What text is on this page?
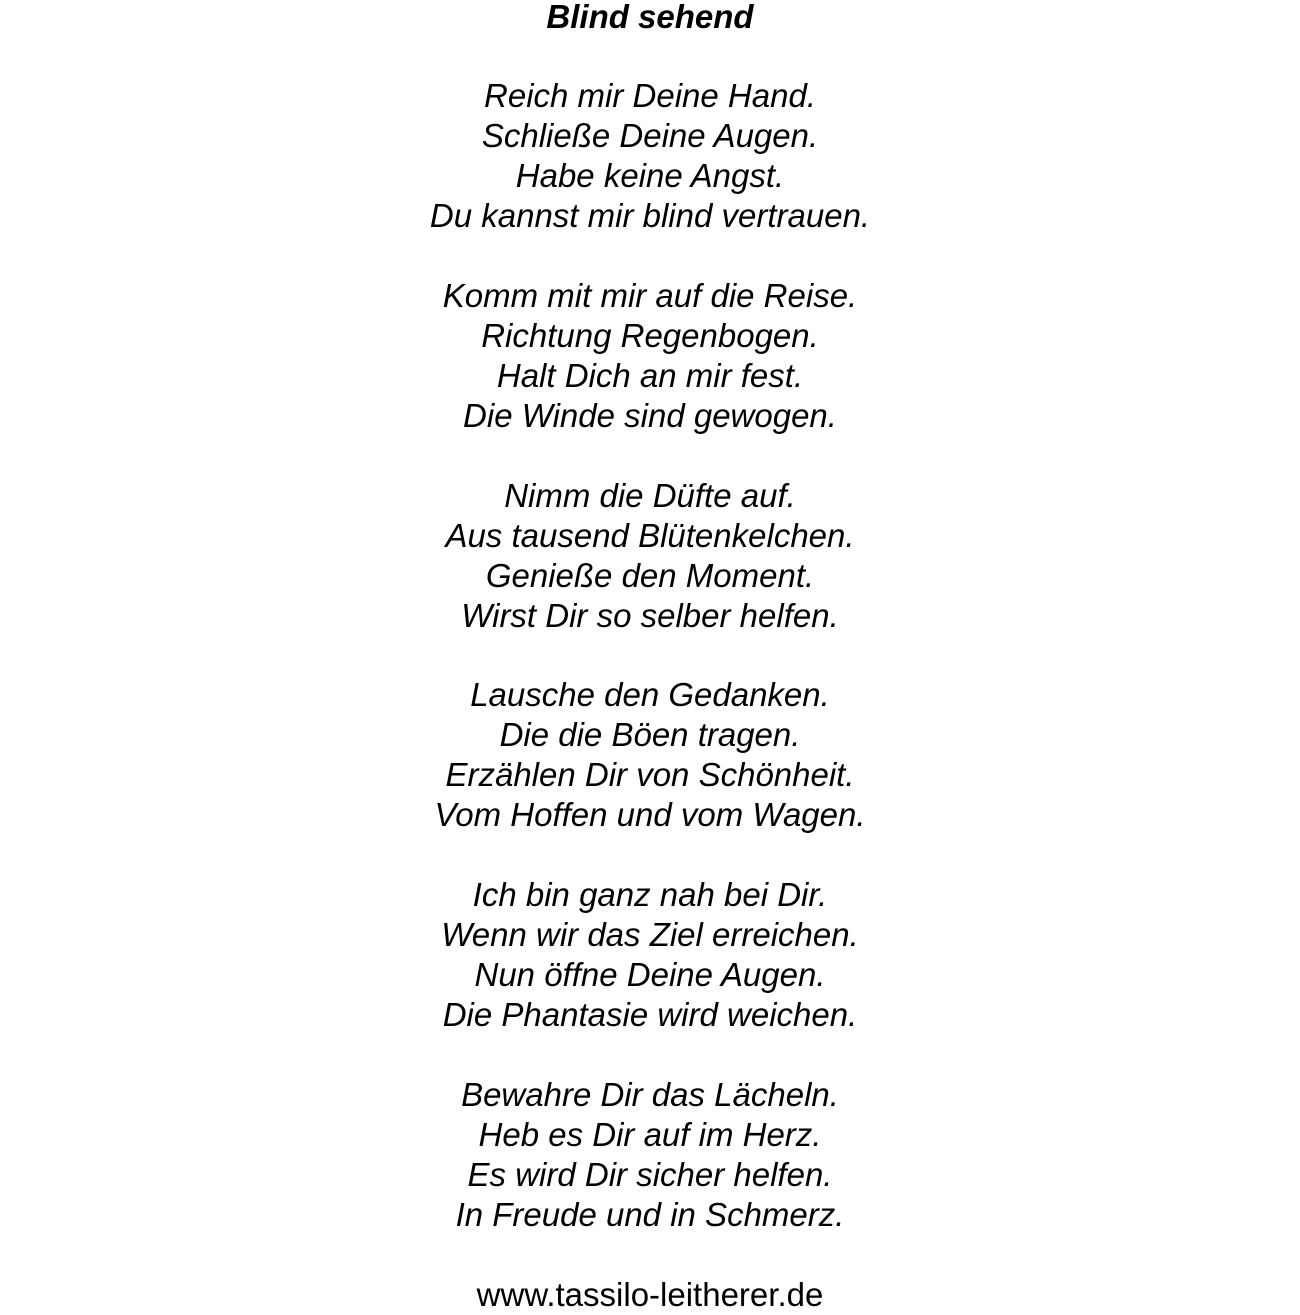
Blind sehend
Reich mir Deine Hand.
Schließe Deine Augen.
Habe keine Angst.
Du kannst mir blind vertrauen.
Komm mit mir auf die Reise.
Richtung Regenbogen.
Halt Dich an mir fest.
Die Winde sind gewogen.
Nimm die Düfte auf.
Aus tausend Blütenkelchen.
Genieße den Moment.
Wirst Dir so selber helfen.
Lausche den Gedanken.
Die die Böen tragen.
Erzählen Dir von Schönheit.
Vom Hoffen und vom Wagen.
Ich bin ganz nah bei Dir.
Wenn wir das Ziel erreichen.
Nun öffne Deine Augen.
Die Phantasie wird weichen.
Bewahre Dir das Lächeln.
Heb es Dir auf im Herz.
Es wird Dir sicher helfen.
In Freude und in Schmerz.
www.tassilo-leitherer.de
